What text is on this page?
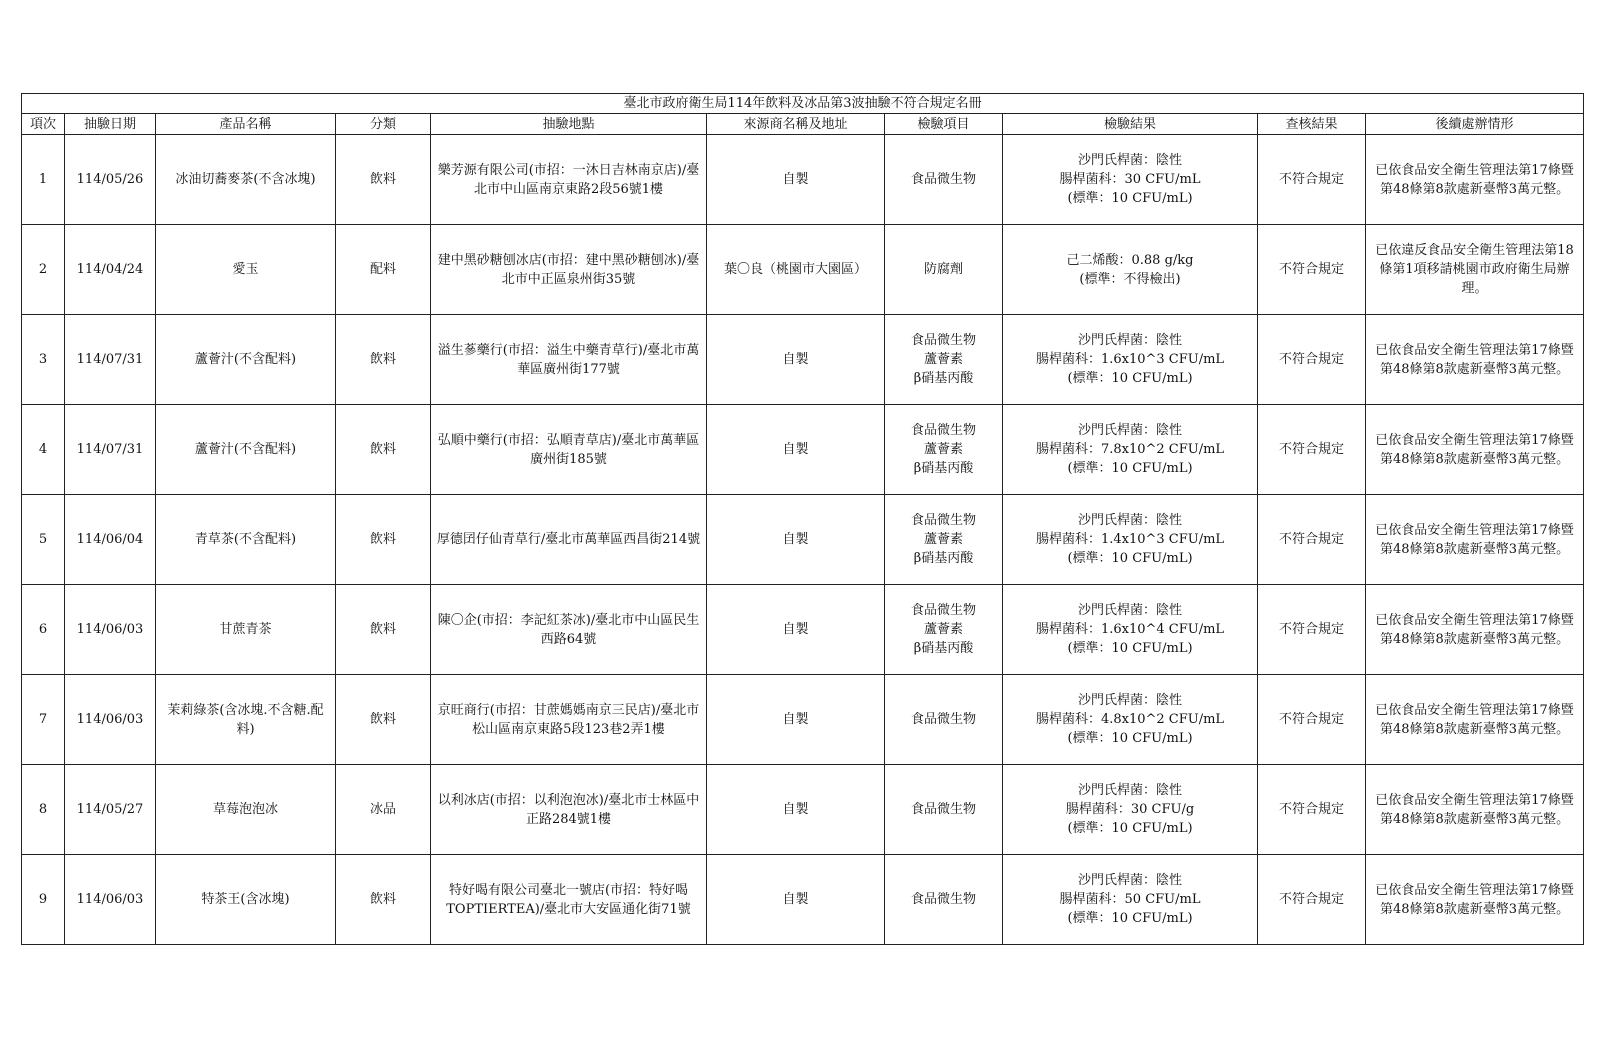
臺北市政府衛生局114年飲料及冰品第3波抽驗不符合規定名冊									
項次	抽驗日期	產品名稱	分類	抽驗地點	來源商名稱及地址	檢驗項目	檢驗結果	查核結果	後續處辦情形
1	114/05/26	冰油切蕎麥茶(不含冰塊)	飲料	樂芳源有限公司(市招：一沐日吉林南京店)/臺北市中山區南京東路2段56號1樓	自製	食品微生物	沙門氏桿菌：陰性
腸桿菌科：30 CFU/mL
(標準：10 CFU/mL)	不符合規定	已依食品安全衛生管理法第17條暨第48條第8款處新臺幣3萬元整。
2	114/04/24	愛玉	配料	建中黑砂糖刨冰店(市招：建中黑砂糖刨冰)/臺北市中正區泉州街35號	葉〇良（桃園市大園區）	防腐劑	己二烯酸：0.88 g/kg
(標準：不得檢出)	不符合規定	已依違反食品安全衛生管理法第18條第1項移請桃園市政府衛生局辦理。
3	114/07/31	蘆薈汁(不含配料)	飲料	溢生蔘藥行(市招：溢生中藥青草行)/臺北市萬華區廣州街177號	自製	食品微生物
蘆薈素
β硝基丙酸	沙門氏桿菌：陰性
腸桿菌科：1.6x10^3 CFU/mL
(標準：10 CFU/mL)	不符合規定	已依食品安全衛生管理法第17條暨第48條第8款處新臺幣3萬元整。
4	114/07/31	蘆薈汁(不含配料)	飲料	弘順中藥行(市招：弘順青草店)/臺北市萬華區廣州街185號	自製	食品微生物
蘆薈素
β硝基丙酸	沙門氏桿菌：陰性
腸桿菌科：7.8x10^2 CFU/mL
(標準：10 CFU/mL)	不符合規定	已依食品安全衛生管理法第17條暨第48條第8款處新臺幣3萬元整。
5	114/06/04	青草茶(不含配料)	飲料	厚德囝仔仙青草行/臺北市萬華區西昌街214號	自製	食品微生物
蘆薈素
β硝基丙酸	沙門氏桿菌：陰性
腸桿菌科：1.4x10^3 CFU/mL
(標準：10 CFU/mL)	不符合規定	已依食品安全衛生管理法第17條暨第48條第8款處新臺幣3萬元整。
6	114/06/03	甘蔗青茶	飲料	陳〇企(市招：李記紅茶冰)/臺北市中山區民生西路64號	自製	食品微生物
蘆薈素
β硝基丙酸	沙門氏桿菌：陰性
腸桿菌科：1.6x10^4 CFU/mL
(標準：10 CFU/mL)	不符合規定	已依食品安全衛生管理法第17條暨第48條第8款處新臺幣3萬元整。
7	114/06/03	茉莉綠茶(含冰塊.不含糖.配料)	飲料	京旺商行(市招：甘蔗媽媽南京三民店)/臺北市松山區南京東路5段123巷2弄1樓	自製	食品微生物	沙門氏桿菌：陰性
腸桿菌科：4.8x10^2 CFU/mL
(標準：10 CFU/mL)	不符合規定	已依食品安全衛生管理法第17條暨第48條第8款處新臺幣3萬元整。
8	114/05/27	草莓泡泡冰	冰品	以利冰店(市招：以利泡泡冰)/臺北市士林區中正路284號1樓	自製	食品微生物	沙門氏桿菌：陰性
腸桿菌科：30 CFU/g
(標準：10 CFU/mL)	不符合規定	已依食品安全衛生管理法第17條暨第48條第8款處新臺幣3萬元整。
9	114/06/03	特茶王(含冰塊)	飲料	特好喝有限公司臺北一號店(市招：特好喝TOPTIERTEA)/臺北市大安區通化街71號	自製	食品微生物	沙門氏桿菌：陰性
腸桿菌科：50 CFU/mL
(標準：10 CFU/mL)	不符合規定	已依食品安全衛生管理法第17條暨第48條第8款處新臺幣3萬元整。
